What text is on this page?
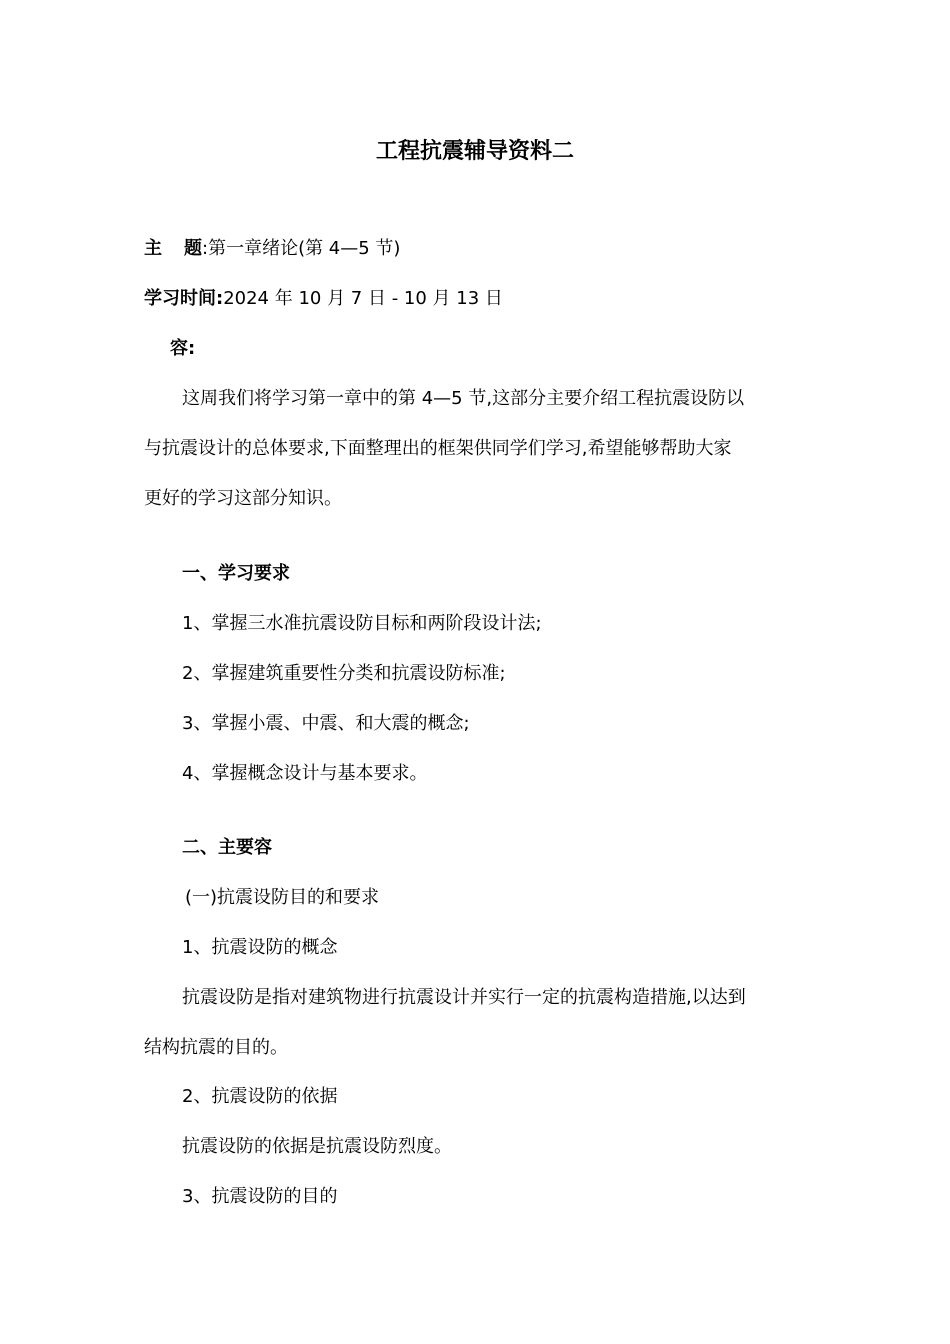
工程抗震辅导资料二
主 题:第一章绪论(第 4—5 节)
学习时间:2024 年 10 月 7 日 - 10 月 13 日
容:
这周我们将学习第一章中的第 4—5 节,这部分主要介绍工程抗震设防以
与抗震设计的总体要求,下面整理出的框架供同学们学习,希望能够帮助大家
更好的学习这部分知识。
一、学习要求
1、掌握三水准抗震设防目标和两阶段设计法;
2、掌握建筑重要性分类和抗震设防标准;
3、掌握小震、中震、和大震的概念;
4、掌握概念设计与基本要求。
二、主要容
(一)抗震设防目的和要求
1、抗震设防的概念
抗震设防是指对建筑物进行抗震设计并实行一定的抗震构造措施,以达到
结构抗震的目的。
2、抗震设防的依据
抗震设防的依据是抗震设防烈度。
3、抗震设防的目的
